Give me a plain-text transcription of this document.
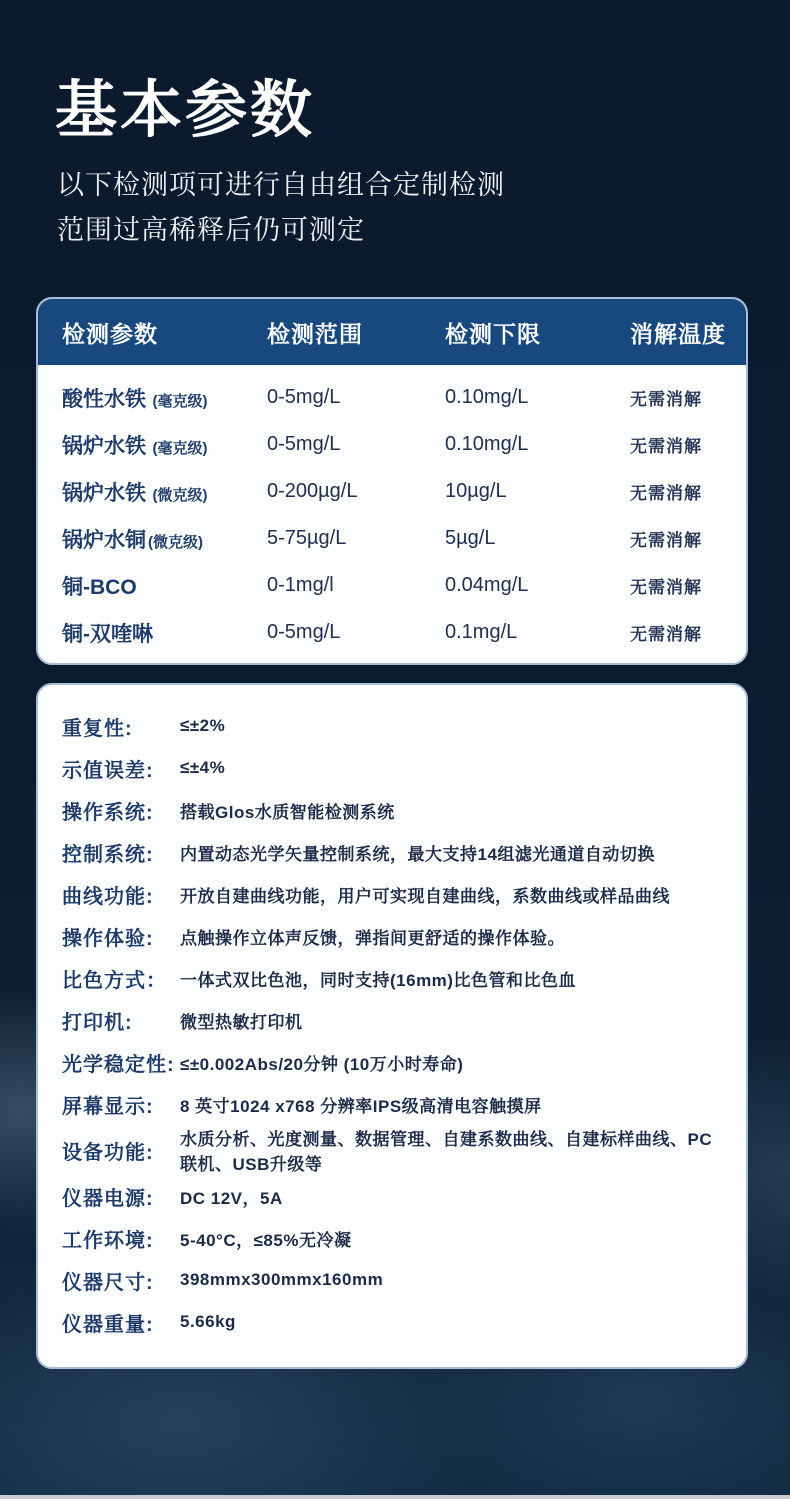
基本参数
以下检测项可进行自由组合定制检测
范围过高稀释后仍可测定
检测参数	检测范围	检测下限	消解温度
酸性水铁 (毫克级)	0-5mg/L	0.10mg/L	无需消解
锅炉水铁 (毫克级)	0-5mg/L	0.10mg/L	无需消解
锅炉水铁 (微克级)	0-200µg/L	10µg/L	无需消解
锅炉水铜 (微克级)	5-75µg/L	5µg/L	无需消解
铜-BCO	0-1mg/l	0.04mg/L	无需消解
铜-双喹啉	0-5mg/L	0.1mg/L	无需消解
重复性:	≤±2%
示值误差:	≤±4%
操作系统:	搭载Glos水质智能检测系统
控制系统:	内置动态光学矢量控制系统，最大支持14组滤光通道自动切换
曲线功能:	开放自建曲线功能，用户可实现自建曲线，系数曲线或样品曲线
操作体验:	点触操作立体声反馈，弹指间更舒适的操作体验。
比色方式： 一体式双比色池，同时支持(16mm)比色管和比色血
打印机:	微型热敏打印机
光学稳定性: ≤±0.002Abs/20分钟 (10万小时寿命)
屏幕显示:	8 英寸1024 x768 分辨率IPS级高清电容触摸屏
设备功能:
水质分析、光度测量、数据管理、自建系数曲线、自建标样曲线、PC联机、USB升级等
仪器电源:	DC 12V，5A
工作环境:	5-40°C，≤85%无冷凝
仪器尺寸:	398mmx300mmx160mm
仪器重量:	5.66kg
